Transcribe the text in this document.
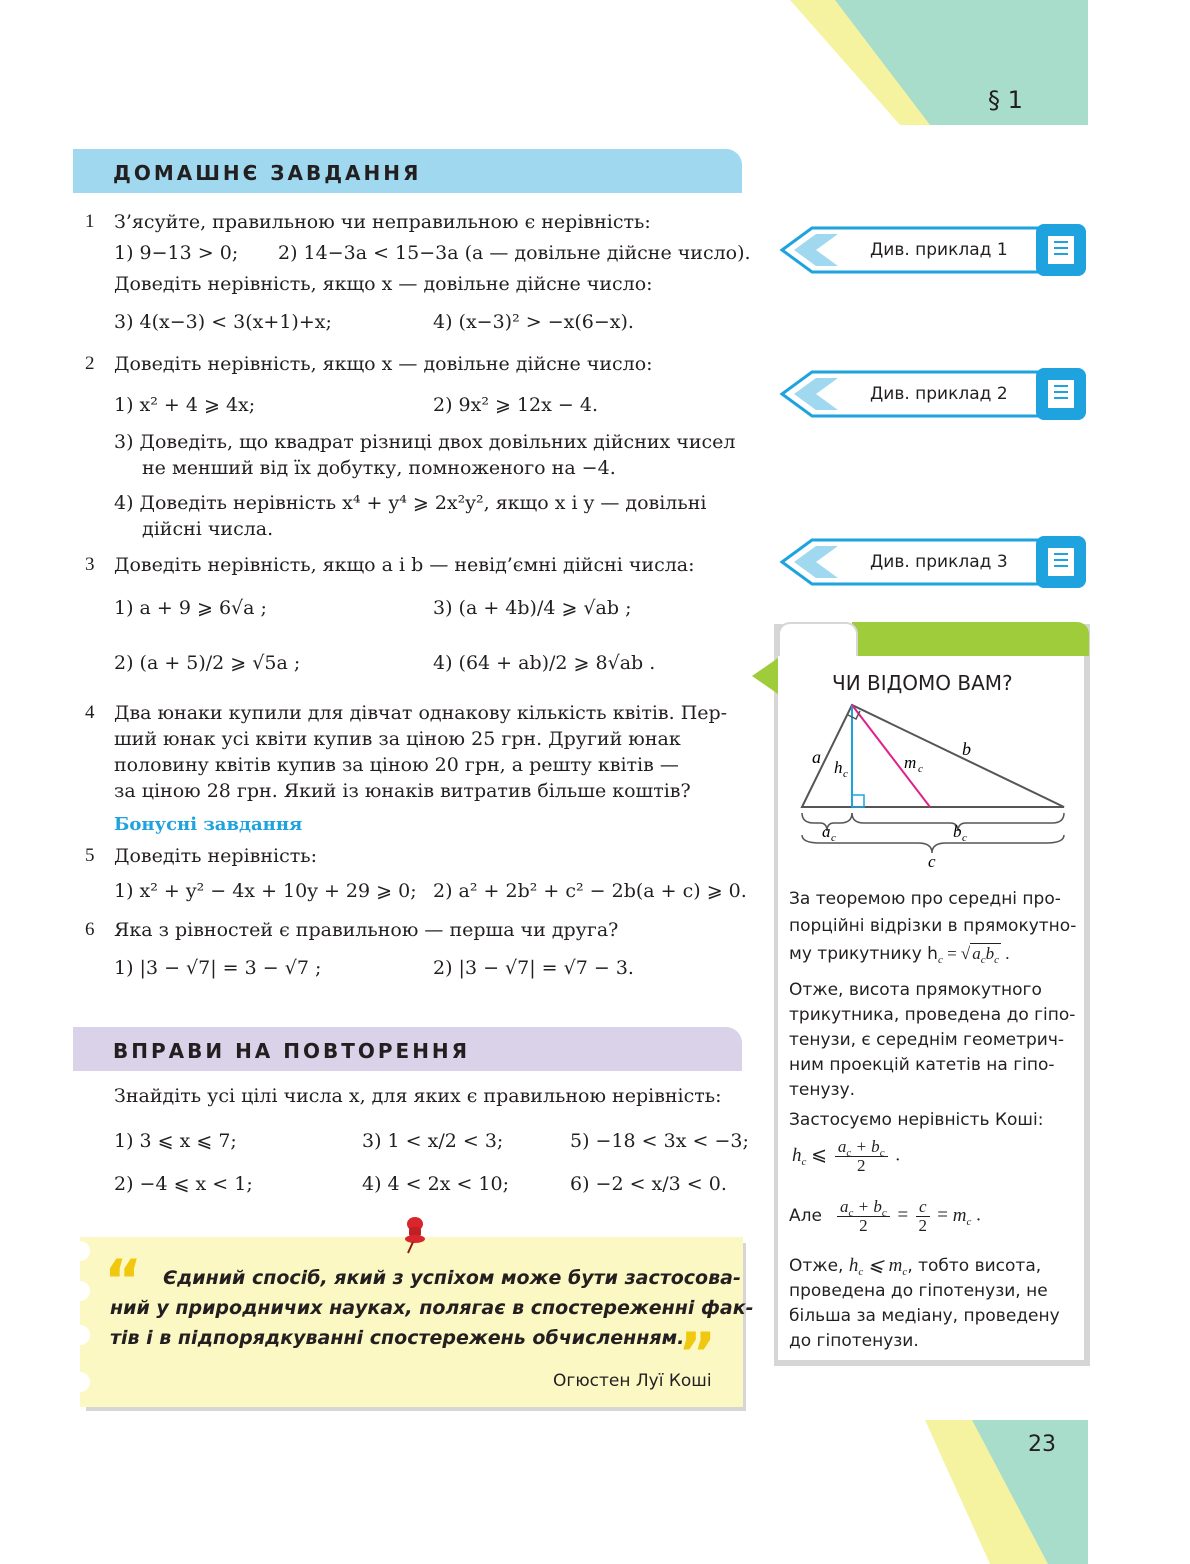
§ 1
23
ДОМАШНЄ ЗАВДАННЯ
1 З’ясуйте, правильною чи неправильною є нерівність:
1) 9−13 > 0; 2) 14−3a < 15−3a (a — довільне дійсне число).
Доведіть нерівність, якщо x — довільне дійсне число:
3) 4(x−3) < 3(x+1)+x;	4) (x−3)² > −x(6−x).
2 Доведіть нерівність, якщо x — довільне дійсне число:
1) x² + 4 ⩾ 4x;	2) 9x² ⩾ 12x − 4.
3) Доведіть, що квадрат різниці двох довільних дійсних чисел
не менший від їх добутку, помноженого на −4.
4) Доведіть нерівність x⁴ + y⁴ ⩾ 2x²y², якщо x і y — довільні
дійсні числа.
3 Доведіть нерівність, якщо a і b — невід’ємні дійсні числа:
1) a + 9 ⩾ 6√a ;	3) (a + 4b)/4 ⩾ √ab ;
2) (a + 5)/2 ⩾ √5a ;	4) (64 + ab)/2 ⩾ 8√ab .
4 Два юнаки купили для дівчат однакову кількість квітів. Пер-
ший юнак усі квіти купив за ціною 25 грн. Другий юнак
половину квітів купив за ціною 20 грн, а решту квітів —
за ціною 28 грн. Який із юнаків витратив більше коштів?
Бонусні завдання
5 Доведіть нерівність:
1) x² + y² − 4x + 10y + 29 ⩾ 0; 2) a² + 2b² + c² − 2b(a + c) ⩾ 0.
6 Яка з рівностей є правильною — перша чи друга?
1) |3 − √7| = 3 − √7 ;	2) |3 − √7| = √7 − 3.
ВПРАВИ НА ПОВТОРЕННЯ
Знайдіть усі цілі числа x, для яких є правильною нерівність:
1) 3 ⩽ x ⩽ 7;	3) 1 < x/2 < 3;	5) −18 < 3x < −3;
2) −4 ⩽ x < 1;	4) 4 < 2x < 10;	6) −2 < x/3 < 0.
“
”
Єдиний спосіб, який з успіхом може бути застосова-
ний у природничих науках, полягає в спостереженні фак-
тів і в підпорядкуванні спостережень обчисленням.
Огюстен Луї Коші
Див. приклад 1
Див. приклад 2
Див. приклад 3
ЧИ ВІДОМО ВАМ?
a	b
h c
m c
a c	b c
c
За теоремою про середні про-
порційні відрізки в прямокутно-
му трикутнику $h_c$ = √ $a_cb_c$ .
Отже, висота прямокутного
трикутника, проведена до гіпо-
тенузи, є середнім геометрич-
ним проекцій катетів на гіпо-
тенузу.
Застосуємо нерівність Коші:
$h_c$ ⩽ $\frac{a_c + b_c}{2}$ .
Але $\frac{a_c + b_c}{2} = \frac{c}{2} = m_c$ .
Отже, $h_c$ ⩽ $m_c$, тобто висота,
проведена до гіпотенузи, не
більша за медіану, проведену
до гіпотенузи.
